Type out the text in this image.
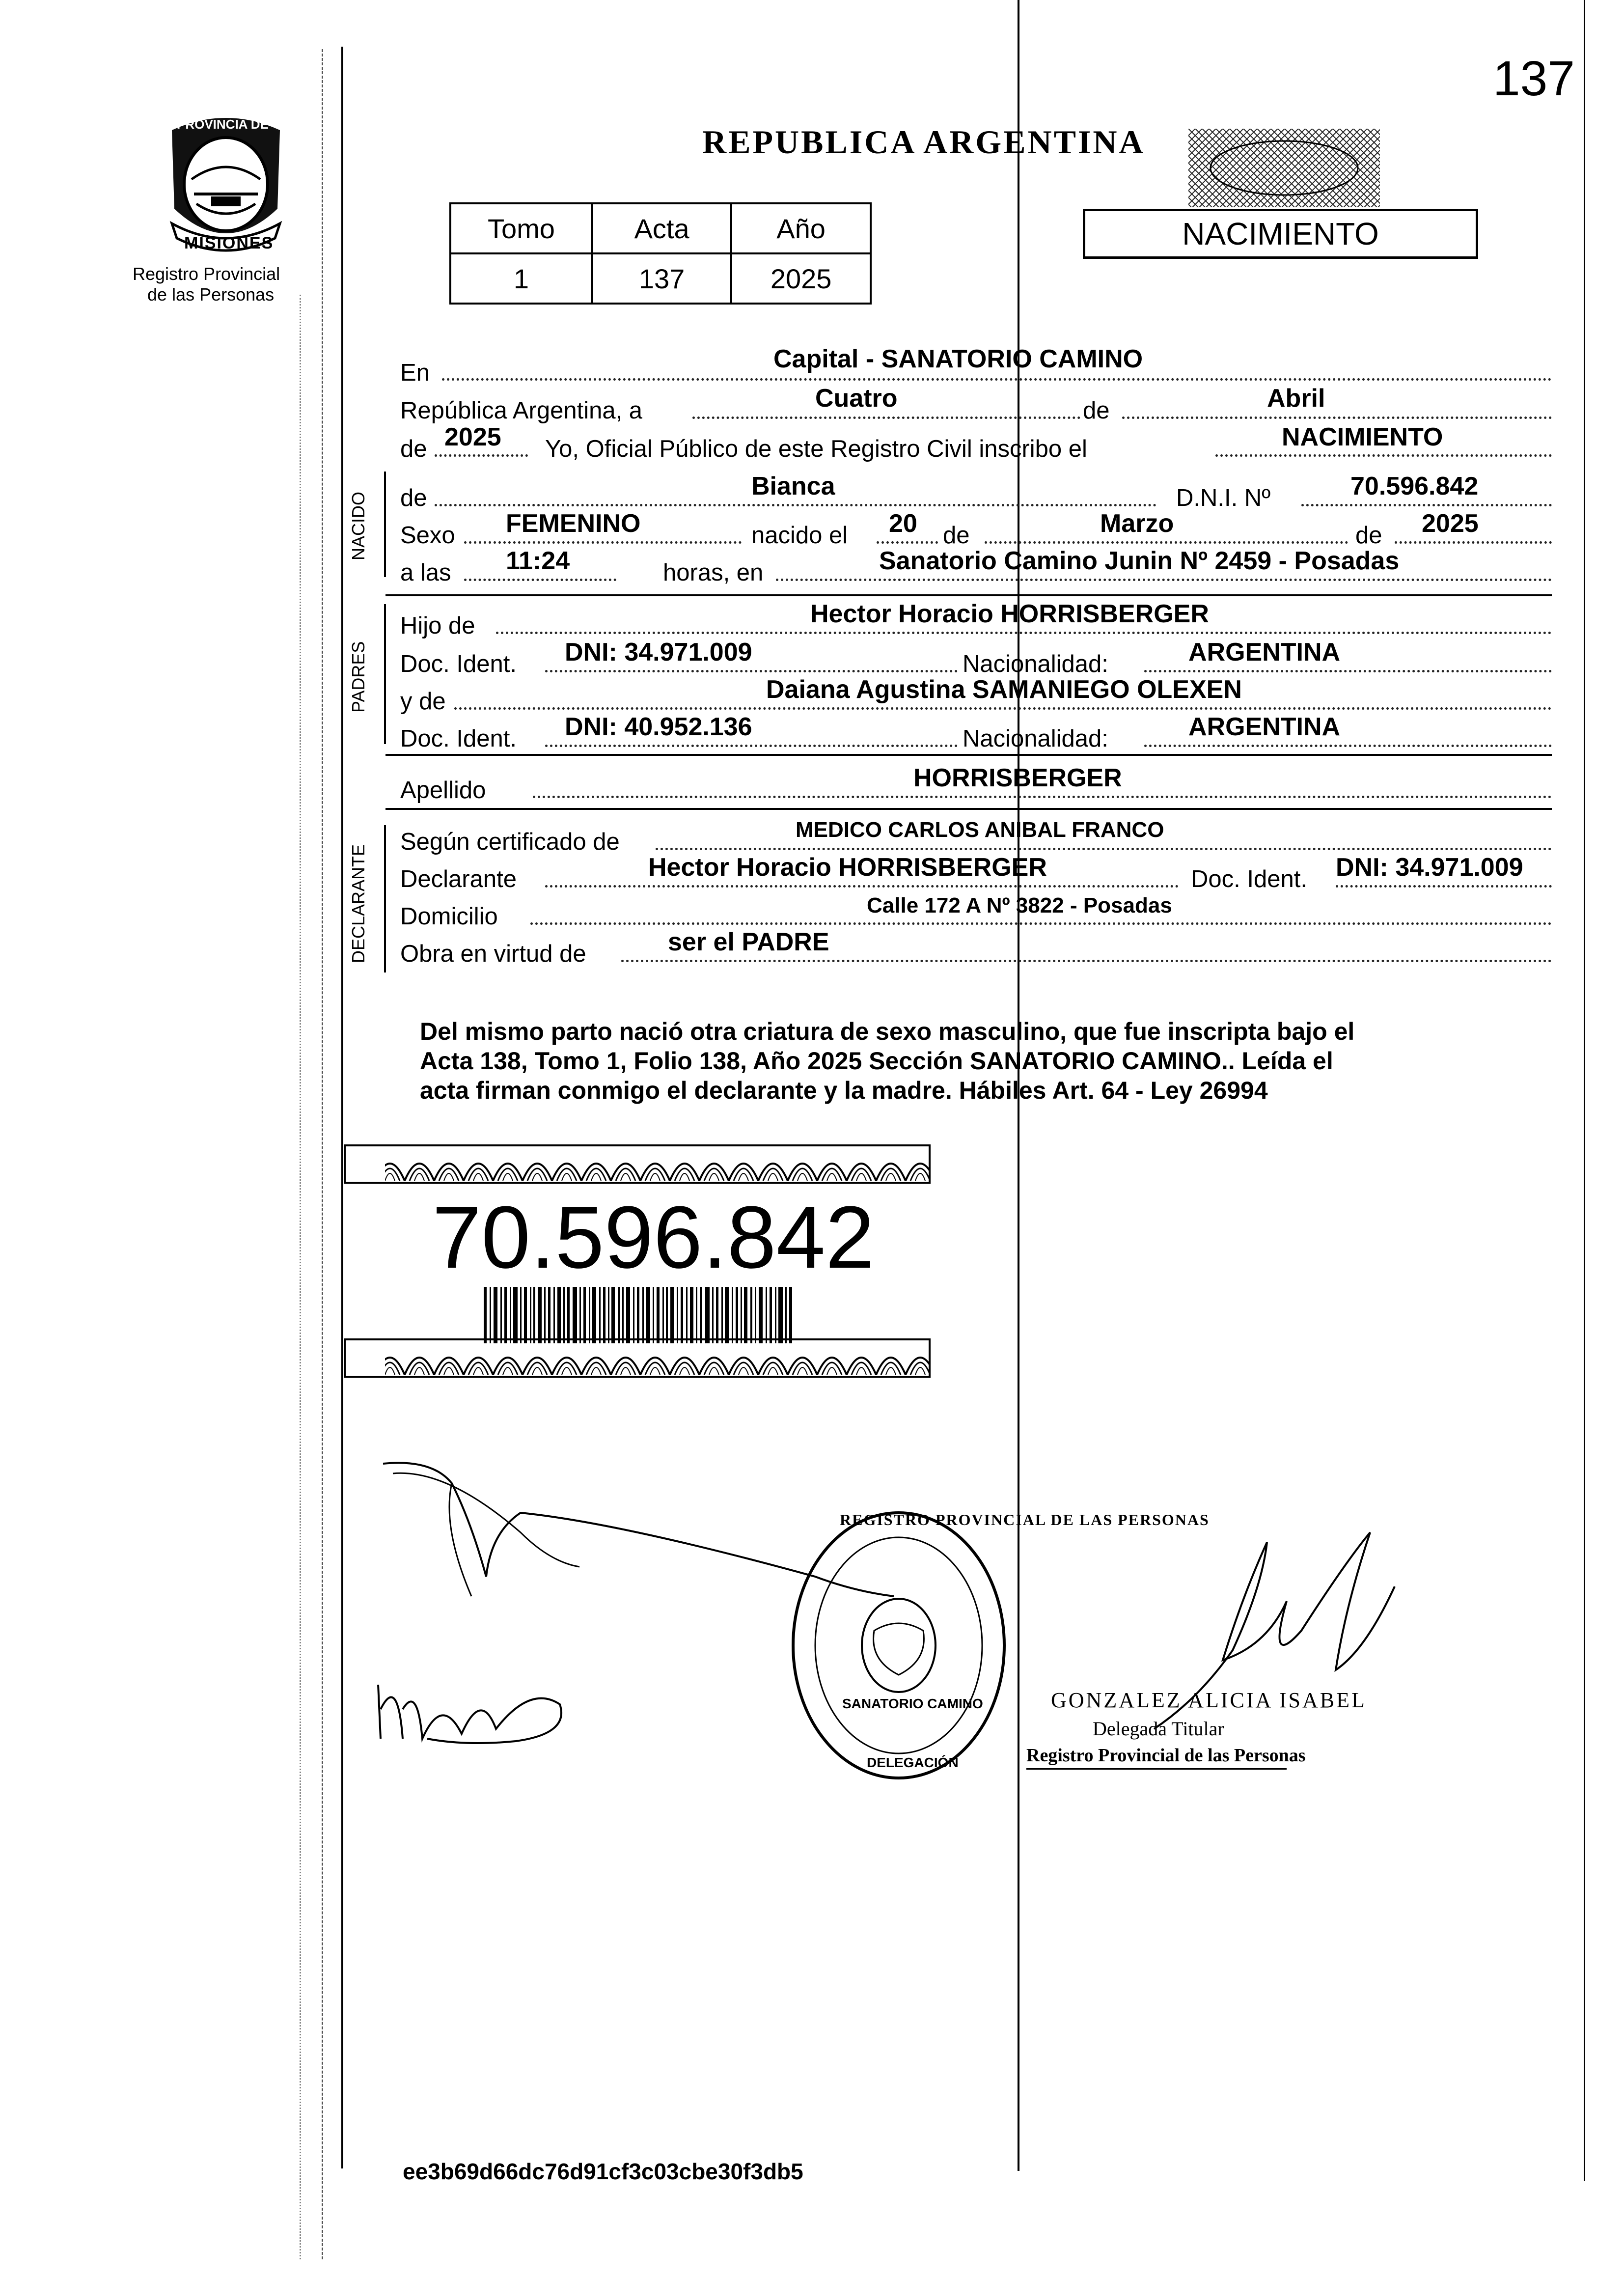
137
MISIONES
PROVINCIA DE
Registro Provincial
de las Personas
REPUBLICA ARGENTINA
Tomo	Acta	Año
1	137	2025
NACIMIENTO
En	Capital - SANATORIO CAMINO
República Argentina, a	Cuatro	de	Abril
de 2025 Yo, Oficial Público de este Registro Civil inscribo el	NACIMIENTO
NACIDO de	Bianca	D.N.I. Nº	70.596.842
Sexo FEMENINO	nacido el 20 de	Marzo	de 2025
a las 11:24	horas, en	Sanatorio Camino Junin Nº 2459 - Posadas
PADRES
Hijo de	Hector Horacio HORRISBERGER
Doc. Ident. DNI: 34.971.009	Nacionalidad:	ARGENTINA
y de	Daiana Agustina SAMANIEGO OLEXEN
Doc. Ident. DNI: 40.952.136	Nacionalidad:	ARGENTINA
Apellido	HORRISBERGER
DECLARANTE
Según certificado de	MEDICO CARLOS ANIBAL FRANCO
Declarante	Hector Horacio HORRISBERGER	Doc. Ident. DNI: 34.971.009
Domicilio	Calle 172 A Nº 3822 - Posadas
Obra en virtud de	ser el PADRE
Del mismo parto nació otra criatura de sexo masculino, que fue inscripta bajo el
Acta 138, Tomo 1, Folio 138, Año 2025 Sección SANATORIO CAMINO.. Leída el
acta firman conmigo el declarante y la madre. Hábiles Art. 64 - Ley 26994
70.596.842
REGISTRO PROVINCIAL DE LAS PERSONAS
SANATORIO CAMINO
DELEGACIÓN
GONZALEZ ALICIA ISABEL
Delegada Titular
Registro Provincial de las Personas
ee3b69d66dc76d91cf3c03cbe30f3db5
